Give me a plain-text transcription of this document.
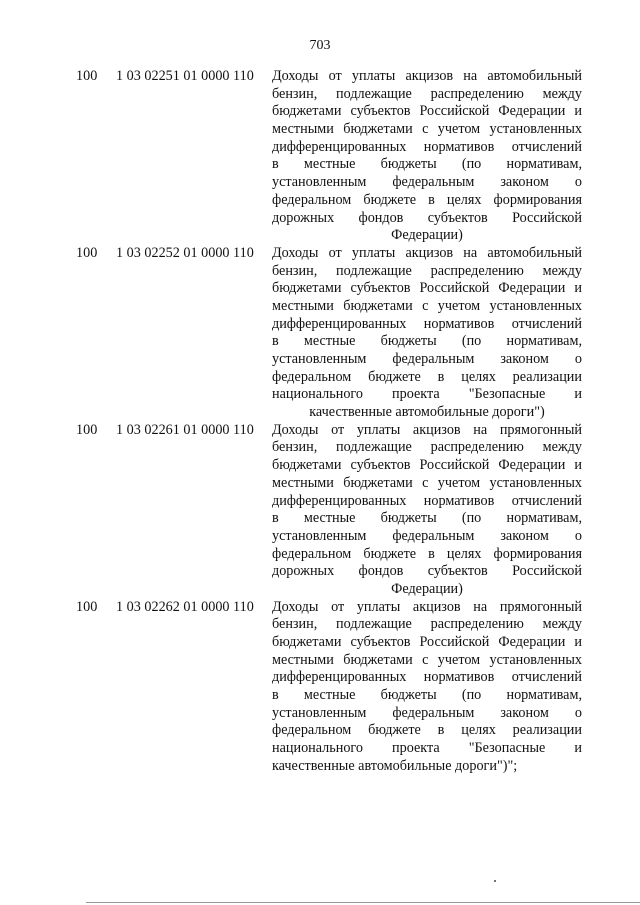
703
100	1 03 02251 01 0000 110	Доходы от уплаты акцизов на автомобильный
бензин, подлежащие распределению между
бюджетами субъектов Российской Федерации и
местными бюджетами с учетом установленных
дифференцированных нормативов отчислений
в местные бюджеты (по нормативам,
установленным федеральным законом о
федеральном бюджете в целях формирования
дорожных фондов субъектов Российской
Федерации)
100	1 03 02252 01 0000 110	Доходы от уплаты акцизов на автомобильный
бензин, подлежащие распределению между
бюджетами субъектов Российской Федерации и
местными бюджетами с учетом установленных
дифференцированных нормативов отчислений
в местные бюджеты (по нормативам,
установленным федеральным законом о
федеральном бюджете в целях реализации
национального проекта "Безопасные и
качественные автомобильные дороги")
100	1 03 02261 01 0000 110	Доходы от уплаты акцизов на прямогонный
бензин, подлежащие распределению между
бюджетами субъектов Российской Федерации и
местными бюджетами с учетом установленных
дифференцированных нормативов отчислений
в местные бюджеты (по нормативам,
установленным федеральным законом о
федеральном бюджете в целях формирования
дорожных фондов субъектов Российской
Федерации)
100	1 03 02262 01 0000 110	Доходы от уплаты акцизов на прямогонный
бензин, подлежащие распределению между
бюджетами субъектов Российской Федерации и
местными бюджетами с учетом установленных
дифференцированных нормативов отчислений
в местные бюджеты (по нормативам,
установленным федеральным законом о
федеральном бюджете в целях реализации
национального проекта "Безопасные и
качественные автомобильные дороги")";
